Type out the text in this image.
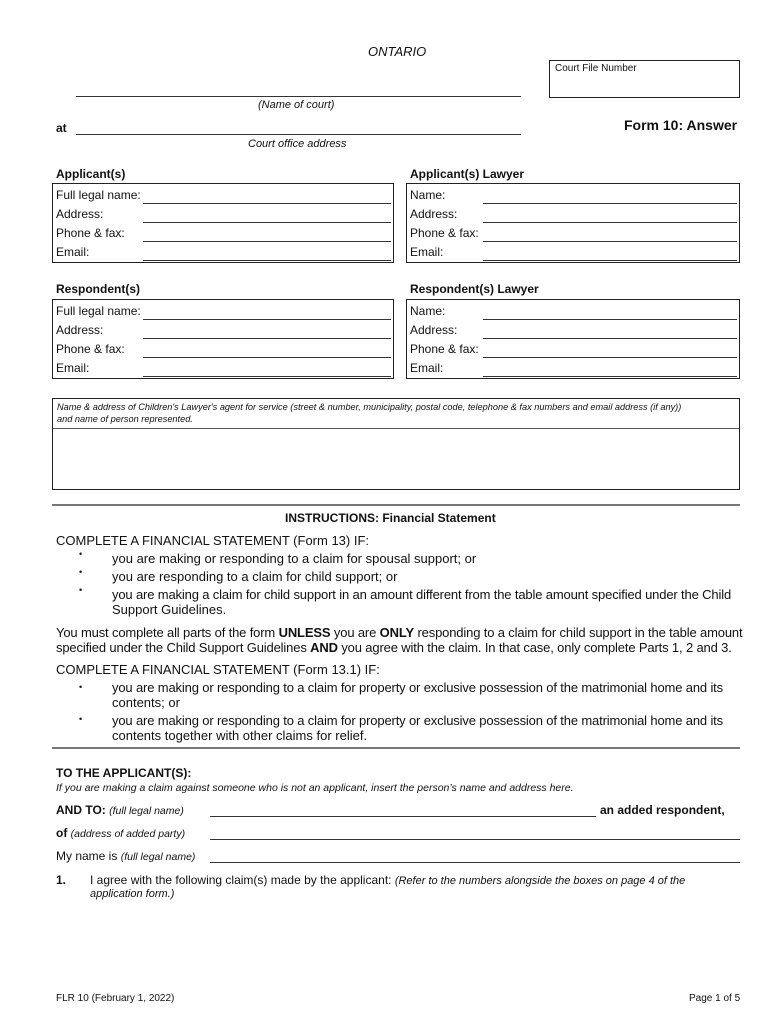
ONTARIO
Court File Number
(Name of court)
at
Court office address
Form 10: Answer
Applicant(s)
Full legal name:
Address:
Phone & fax:
Email:
Applicant(s) Lawyer
Name:
Address:
Phone & fax:
Email:
Respondent(s)
Full legal name:
Address:
Phone & fax:
Email:
Respondent(s) Lawyer
Name:
Address:
Phone & fax:
Email:
Name & address of Children's Lawyer's agent for service (street & number, municipality, postal code, telephone & fax numbers and email address (if any))
and name of person represented.
INSTRUCTIONS: Financial Statement
COMPLETE A FINANCIAL STATEMENT (Form 13) IF:
• you are making or responding to a claim for spousal support; or
• you are responding to a claim for child support; or
• you are making a claim for child support in an amount different from the table amount specified under the Child
Support Guidelines.
You must complete all parts of the form UNLESS you are ONLY responding to a claim for child support in the table amount
specified under the Child Support Guidelines AND you agree with the claim. In that case, only complete Parts 1, 2 and 3.
COMPLETE A FINANCIAL STATEMENT (Form 13.1) IF:
• you are making or responding to a claim for property or exclusive possession of the matrimonial home and its
contents; or
• you are making or responding to a claim for property or exclusive possession of the matrimonial home and its
contents together with other claims for relief.
TO THE APPLICANT(S):
If you are making a claim against someone who is not an applicant, insert the person’s name and address here.
AND TO: (full legal name)	an added respondent,
of (address of added party)
My name is (full legal name)
1. I agree with the following claim(s) made by the applicant: (Refer to the numbers alongside the boxes on page 4 of the
application form.)
FLR 10 (February 1, 2022)	Page 1 of 5
